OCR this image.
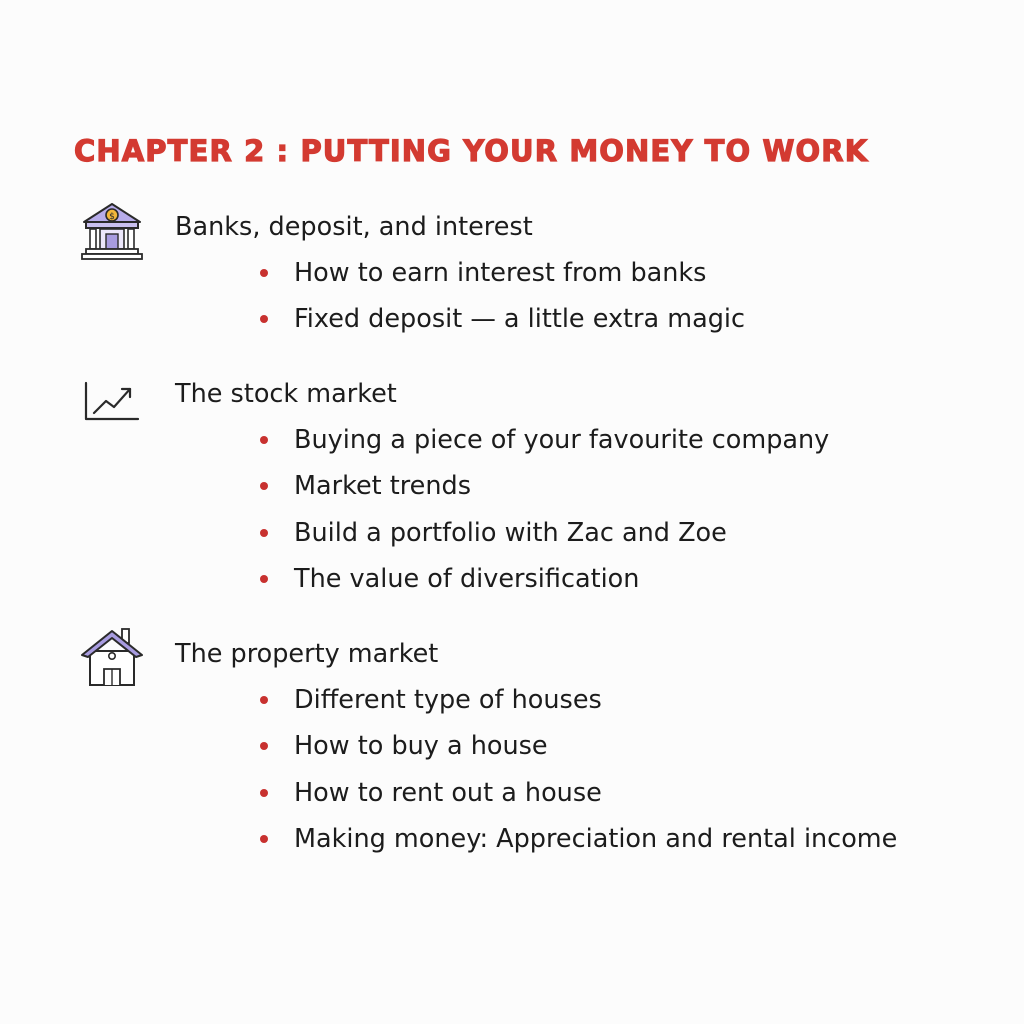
CHAPTER 2 : PUTTING YOUR MONEY TO WORK
$ Banks, deposit, and interest
How to earn interest from banks
Fixed deposit — a little extra magic
The stock market
Buying a piece of your favourite company
Market trends
Build a portfolio with Zac and Zoe
The value of diversification
The property market
Different type of houses
How to buy a house
How to rent out a house
Making money: Appreciation and rental income
